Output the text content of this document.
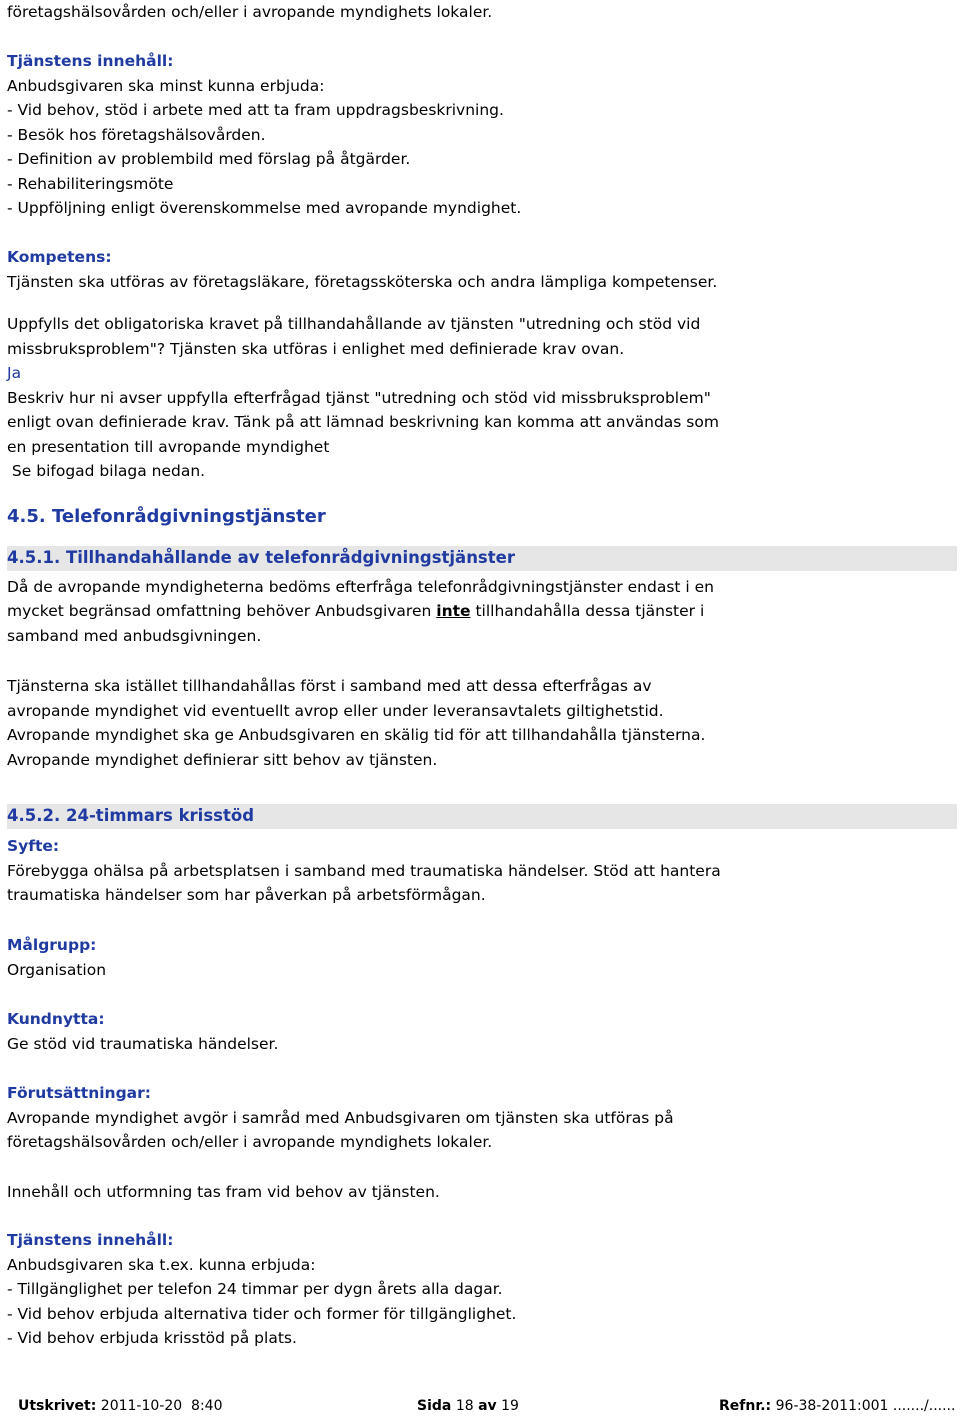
företagshälsovården och/eller i avropande myndighets lokaler.
Tjänstens innehåll:
Anbudsgivaren ska minst kunna erbjuda:
- Vid behov, stöd i arbete med att ta fram uppdragsbeskrivning.
- Besök hos företagshälsovården.
- Definition av problembild med förslag på åtgärder.
- Rehabiliteringsmöte
- Uppföljning enligt överenskommelse med avropande myndighet.
Kompetens:
Tjänsten ska utföras av företagsläkare, företagssköterska och andra lämpliga kompetenser.
Uppfylls det obligatoriska kravet på tillhandahållande av tjänsten "utredning och stöd vid
missbruksproblem"? Tjänsten ska utföras i enlighet med definierade krav ovan.
Ja
Beskriv hur ni avser uppfylla efterfrågad tjänst "utredning och stöd vid missbruksproblem"
enligt ovan definierade krav. Tänk på att lämnad beskrivning kan komma att användas som
en presentation till avropande myndighet
Se bifogad bilaga nedan.
4.5. Telefonrådgivningstjänster
4.5.1. Tillhandahållande av telefonrådgivningstjänster
Då de avropande myndigheterna bedöms efterfråga telefonrådgivningstjänster endast i en
mycket begränsad omfattning behöver Anbudsgivaren inte tillhandahålla dessa tjänster i
samband med anbudsgivningen.
Tjänsterna ska istället tillhandahållas först i samband med att dessa efterfrågas av
avropande myndighet vid eventuellt avrop eller under leveransavtalets giltighetstid.
Avropande myndighet ska ge Anbudsgivaren en skälig tid för att tillhandahålla tjänsterna.
Avropande myndighet definierar sitt behov av tjänsten.
4.5.2. 24-timmars krisstöd
Syfte:
Förebygga ohälsa på arbetsplatsen i samband med traumatiska händelser. Stöd att hantera
traumatiska händelser som har påverkan på arbetsförmågan.
Målgrupp:
Organisation
Kundnytta:
Ge stöd vid traumatiska händelser.
Förutsättningar:
Avropande myndighet avgör i samråd med Anbudsgivaren om tjänsten ska utföras på
företagshälsovården och/eller i avropande myndighets lokaler.
Innehåll och utformning tas fram vid behov av tjänsten.
Tjänstens innehåll:
Anbudsgivaren ska t.ex. kunna erbjuda:
- Tillgänglighet per telefon 24 timmar per dygn årets alla dagar.
- Vid behov erbjuda alternativa tider och former för tillgänglighet.
- Vid behov erbjuda krisstöd på plats.
Utskrivet: 2011-10-20  8:40	Sida 18 av 19	Refnr.: 96-38-2011:001 ......./......
